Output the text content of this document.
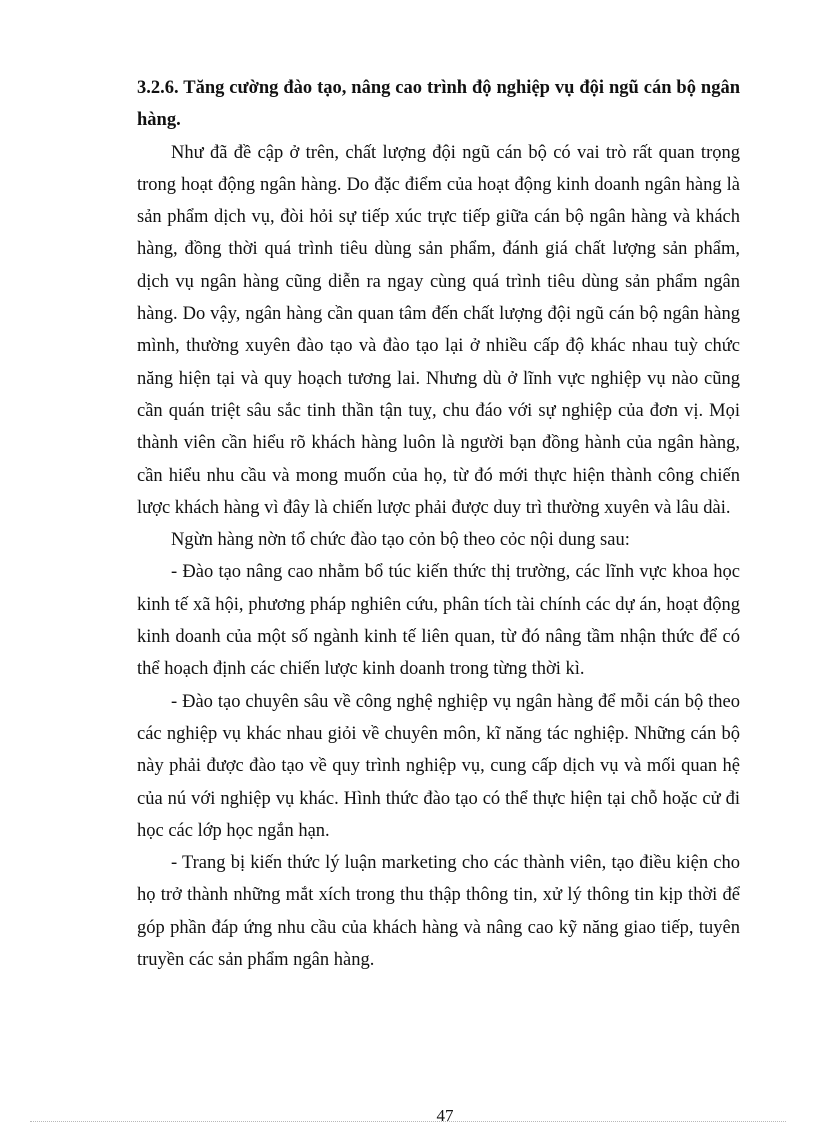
3.2.6. Tăng cường đào tạo, nâng cao trình độ nghiệp vụ đội ngũ cán bộ ngân hàng.

Như đã đề cập ở trên, chất lượng đội ngũ cán bộ có vai trò rất quan trọng trong hoạt động ngân hàng. Do đặc điểm của hoạt động kinh doanh ngân hàng là sản phẩm dịch vụ, đòi hỏi sự tiếp xúc trực tiếp giữa cán bộ ngân hàng và khách hàng, đồng thời quá trình tiêu dùng sản phẩm, đánh giá chất lượng sản phẩm, dịch vụ ngân hàng cũng diễn ra ngay cùng quá trình tiêu dùng sản phẩm ngân hàng. Do vậy, ngân hàng cần quan tâm đến chất lượng đội ngũ cán bộ ngân hàng mình, thường xuyên đào tạo và đào tạo lại ở nhiều cấp độ khác nhau tuỳ chức năng hiện tại và quy hoạch tương lai. Nhưng dù ở lĩnh vực nghiệp vụ nào cũng cần quán triệt sâu sắc tinh thần tận tuỵ, chu đáo với sự nghiệp của đơn vị. Mọi thành viên cần hiểu rõ khách hàng luôn là người bạn đồng hành của ngân hàng, cần hiểu nhu cầu và mong muốn của họ, từ đó mới thực hiện thành công chiến lược khách hàng vì đây là chiến lược phải được duy trì thường xuyên và lâu dài.

Ngừn hàng nờn tổ chức đào tạo cỏn bộ theo cỏc nội dung sau:

- Đào tạo nâng cao nhằm bổ túc kiến thức thị trường, các lĩnh vực khoa học kinh tế xã hội, phương pháp nghiên cứu, phân tích tài chính các dự án, hoạt động kinh doanh của một số ngành kinh tế liên quan, từ đó nâng tầm nhận thức để có thể hoạch định các chiến lược kinh doanh trong từng thời kì.

- Đào tạo chuyên sâu về công nghệ nghiệp vụ ngân hàng để mỗi cán bộ theo các nghiệp vụ khác nhau giỏi về chuyên môn, kĩ năng tác nghiệp. Những cán bộ này phải được đào tạo về quy trình nghiệp vụ, cung cấp dịch vụ và mối quan hệ của nú với nghiệp vụ khác. Hình thức đào tạo có thể thực hiện tại chỗ hoặc cử đi học các lớp học ngắn hạn.

- Trang bị kiến thức lý luận marketing cho các thành viên, tạo điều kiện cho họ trở thành những mắt xích trong thu thập thông tin, xử lý thông tin kịp thời để góp phần đáp ứng nhu cầu của khách hàng và nâng cao kỹ năng giao tiếp, tuyên truyền các sản phẩm ngân hàng.

47
